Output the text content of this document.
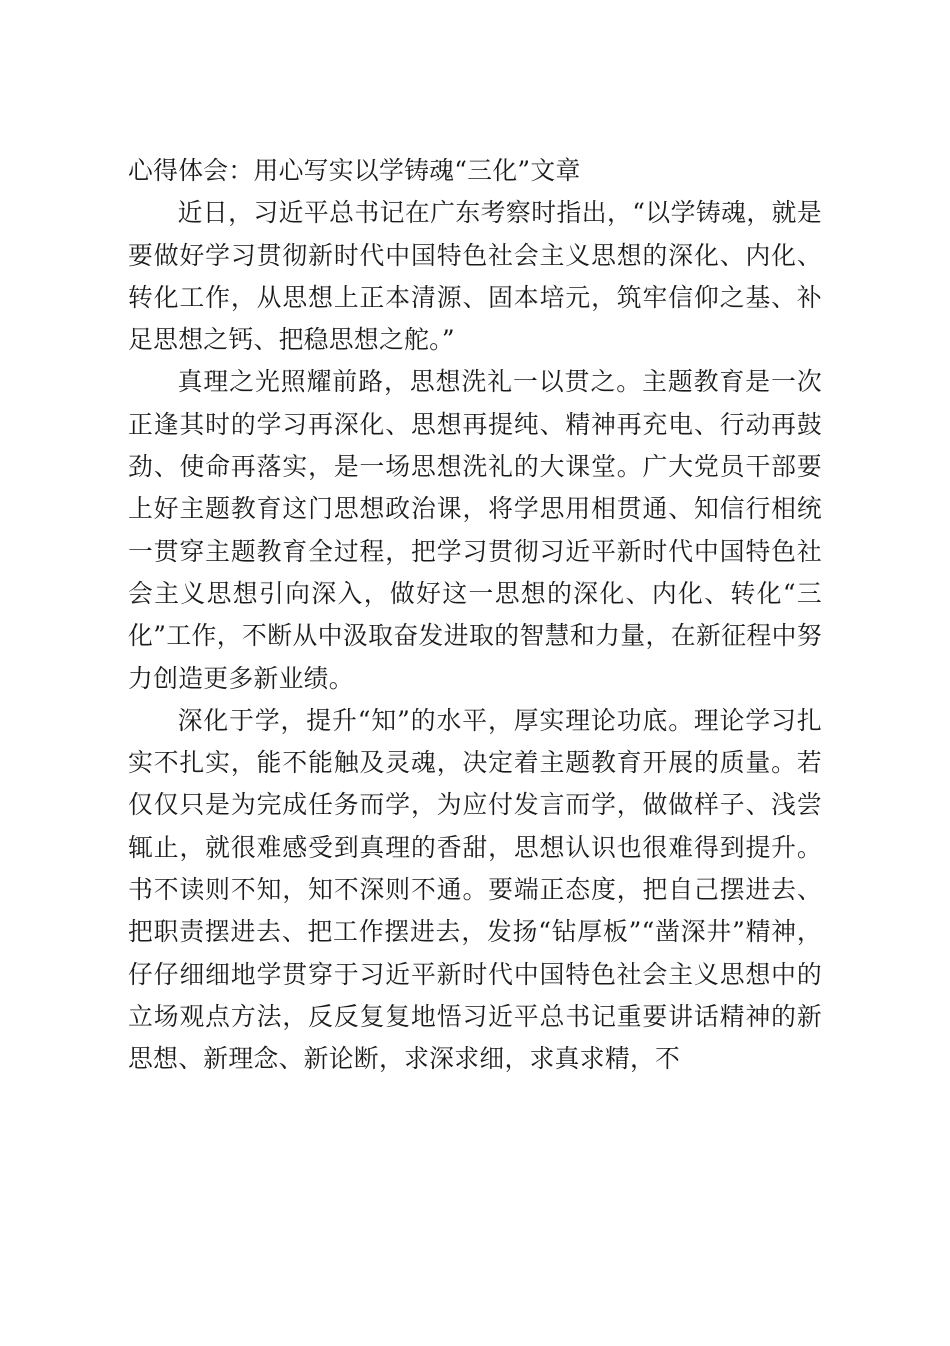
心得体会：用心写实以学铸魂“三化”文章

近日，习近平总书记在广东考察时指出，“以学铸魂，就是要做好学习贯彻新时代中国特色社会主义思想的深化、内化、转化工作，从思想上正本清源、固本培元，筑牢信仰之基、补足思想之钙、把稳思想之舵。”

真理之光照耀前路，思想洗礼一以贯之。主题教育是一次正逢其时的学习再深化、思想再提纯、精神再充电、行动再鼓劲、使命再落实，是一场思想洗礼的大课堂。广大党员干部要上好主题教育这门思想政治课，将学思用相贯通、知信行相统一贯穿主题教育全过程，把学习贯彻习近平新时代中国特色社会主义思想引向深入，做好这一思想的深化、内化、转化“三化”工作，不断从中汲取奋发进取的智慧和力量，在新征程中努力创造更多新业绩。

深化于学，提升“知”的水平，厚实理论功底。理论学习扎实不扎实，能不能触及灵魂，决定着主题教育开展的质量。若仅仅只是为完成任务而学，为应付发言而学，做做样子、浅尝辄止，就很难感受到真理的香甜，思想认识也很难得到提升。书不读则不知，知不深则不通。要端正态度，把自己摆进去、把职责摆进去、把工作摆进去，发扬“钻厚板”“凿深井”精神，仔仔细细地学贯穿于习近平新时代中国特色社会主义思想中的立场观点方法，反反复复地悟习近平总书记重要讲话精神的新思想、新理念、新论断，求深求细，求真求精，不
